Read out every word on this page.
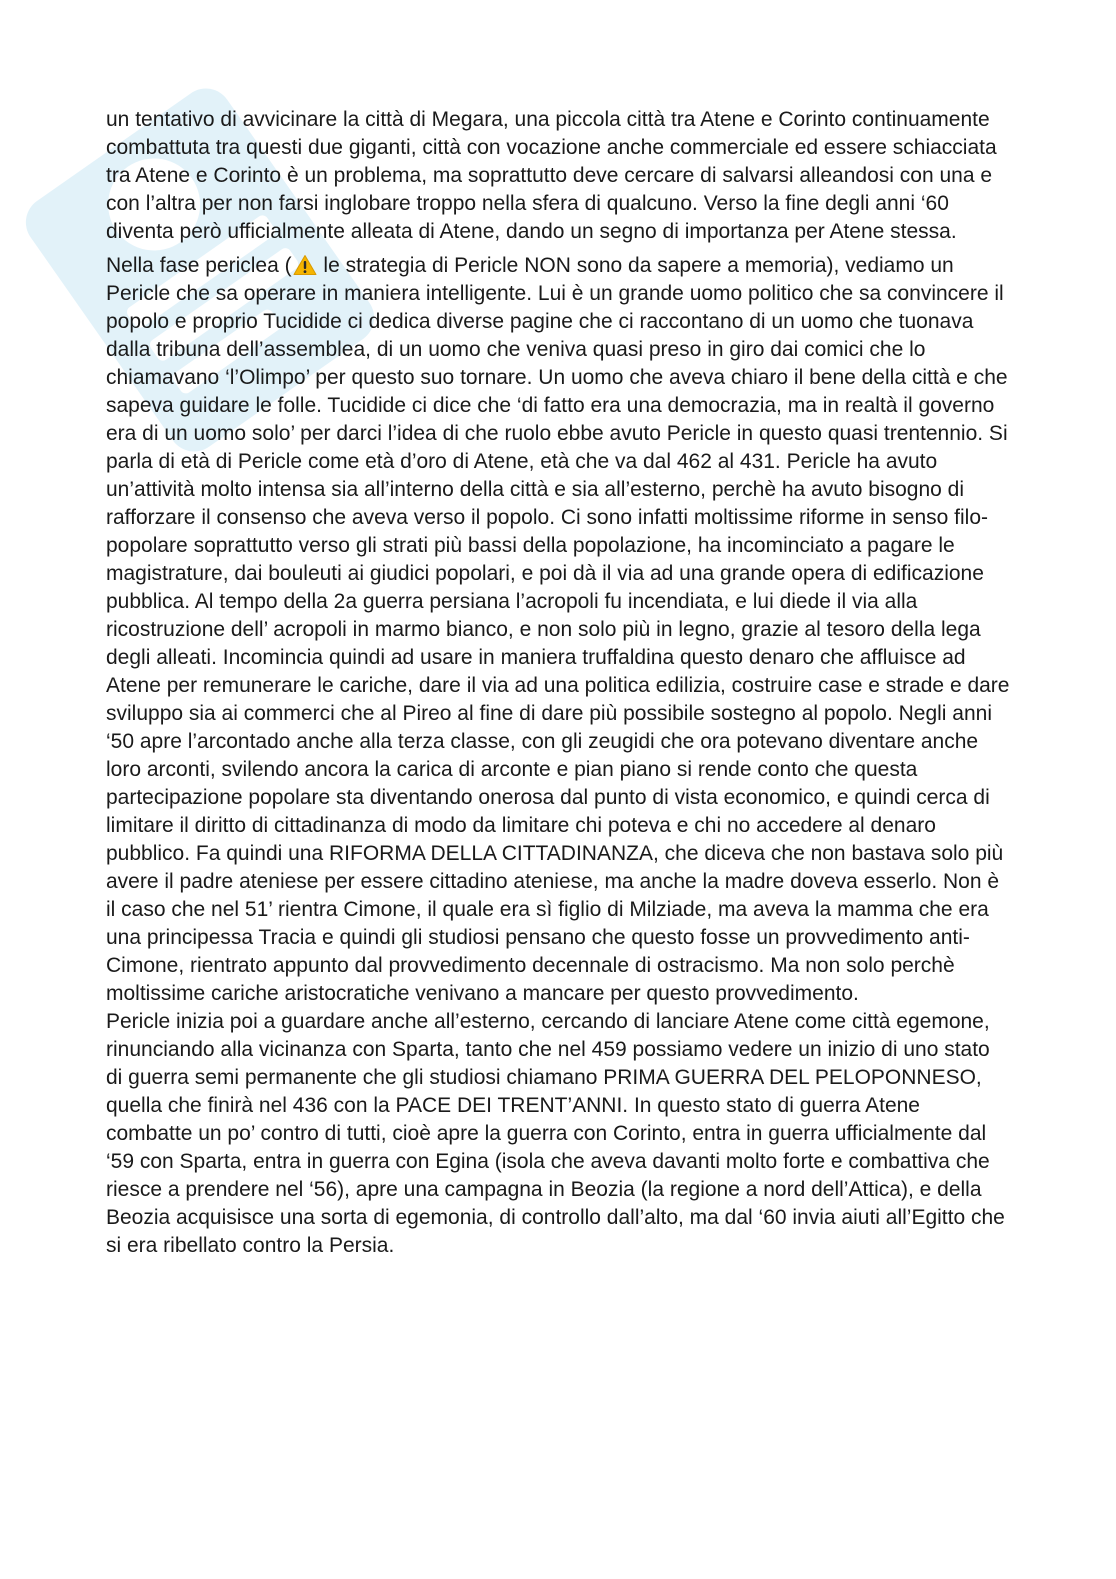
un tentativo di avvicinare la città di Megara, una piccola città tra Atene e Corinto continuamente combattuta tra questi due giganti, città con vocazione anche commerciale ed essere schiacciata tra Atene e Corinto è un problema, ma soprattutto deve cercare di salvarsi alleandosi con una e con l’altra per non farsi inglobare troppo nella sfera di qualcuno. Verso la fine degli anni ‘60 diventa però ufficialmente alleata di Atene, dando un segno di importanza per Atene stessa.

Nella fase periclea ( le strategia di Pericle NON sono da sapere a memoria), vediamo un Pericle che sa operare in maniera intelligente. Lui è un grande uomo politico che sa convincere il popolo e proprio Tucidide ci dedica diverse pagine che ci raccontano di un uomo che tuonava dalla tribuna dell’assemblea, di un uomo che veniva quasi preso in giro dai comici che lo chiamavano ‘l’Olimpo’ per questo suo tornare. Un uomo che aveva chiaro il bene della città e che sapeva guidare le folle. Tucidide ci dice che ‘di fatto era una democrazia, ma in realtà il governo era di un uomo solo’ per darci l’idea di che ruolo ebbe avuto Pericle in questo quasi trentennio. Si parla di età di Pericle come età d’oro di Atene, età che va dal 462 al 431. Pericle ha avuto un’attività molto intensa sia all’interno della città e sia all’esterno, perchè ha avuto bisogno di rafforzare il consenso che aveva verso il popolo. Ci sono infatti moltissime riforme in senso filo-popolare soprattutto verso gli strati più bassi della popolazione, ha incominciato a pagare le magistrature, dai bouleuti ai giudici popolari, e poi dà il via ad una grande opera di edificazione pubblica. Al tempo della 2a guerra persiana l’acropoli fu incendiata, e lui diede il via alla ricostruzione dell’ acropoli in marmo bianco, e non solo più in legno, grazie al tesoro della lega degli alleati. Incomincia quindi ad usare in maniera truffaldina questo denaro che affluisce ad Atene per remunerare le cariche, dare il via ad una politica edilizia, costruire case e strade e dare sviluppo sia ai commerci che al Pireo al fine di dare più possibile sostegno al popolo. Negli anni ‘50 apre l’arcontado anche alla terza classe, con gli zeugidi che ora potevano diventare anche loro arconti, svilendo ancora la carica di arconte e pian piano si rende conto che questa partecipazione popolare sta diventando onerosa dal punto di vista economico, e quindi cerca di limitare il diritto di cittadinanza di modo da limitare chi poteva e chi no accedere al denaro pubblico. Fa quindi una RIFORMA DELLA CITTADINANZA, che diceva che non bastava solo più avere il padre ateniese per essere cittadino ateniese, ma anche la madre doveva esserlo. Non è il caso che nel 51’ rientra Cimone, il quale era sì figlio di Milziade, ma aveva la mamma che era una principessa Tracia e quindi gli studiosi pensano che questo fosse un provvedimento anti-Cimone, rientrato appunto dal provvedimento decennale di ostracismo. Ma non solo perchè moltissime cariche aristocratiche venivano a mancare per questo provvedimento.

Pericle inizia poi a guardare anche all’esterno, cercando di lanciare Atene come città egemone, rinunciando alla vicinanza con Sparta, tanto che nel 459 possiamo vedere un inizio di uno stato di guerra semi permanente che gli studiosi chiamano PRIMA GUERRA DEL PELOPONNESO, quella che finirà nel 436 con la PACE DEI TRENT’ANNI. In questo stato di guerra Atene combatte un po’ contro di tutti, cioè apre la guerra con Corinto, entra in guerra ufficialmente dal ‘59 con Sparta, entra in guerra con Egina (isola che aveva davanti molto forte e combattiva che riesce a prendere nel ‘56), apre una campagna in Beozia (la regione a nord dell’Attica), e della Beozia acquisisce una sorta di egemonia, di controllo dall’alto, ma dal ‘60 invia aiuti all’Egitto che si era ribellato contro la Persia.
